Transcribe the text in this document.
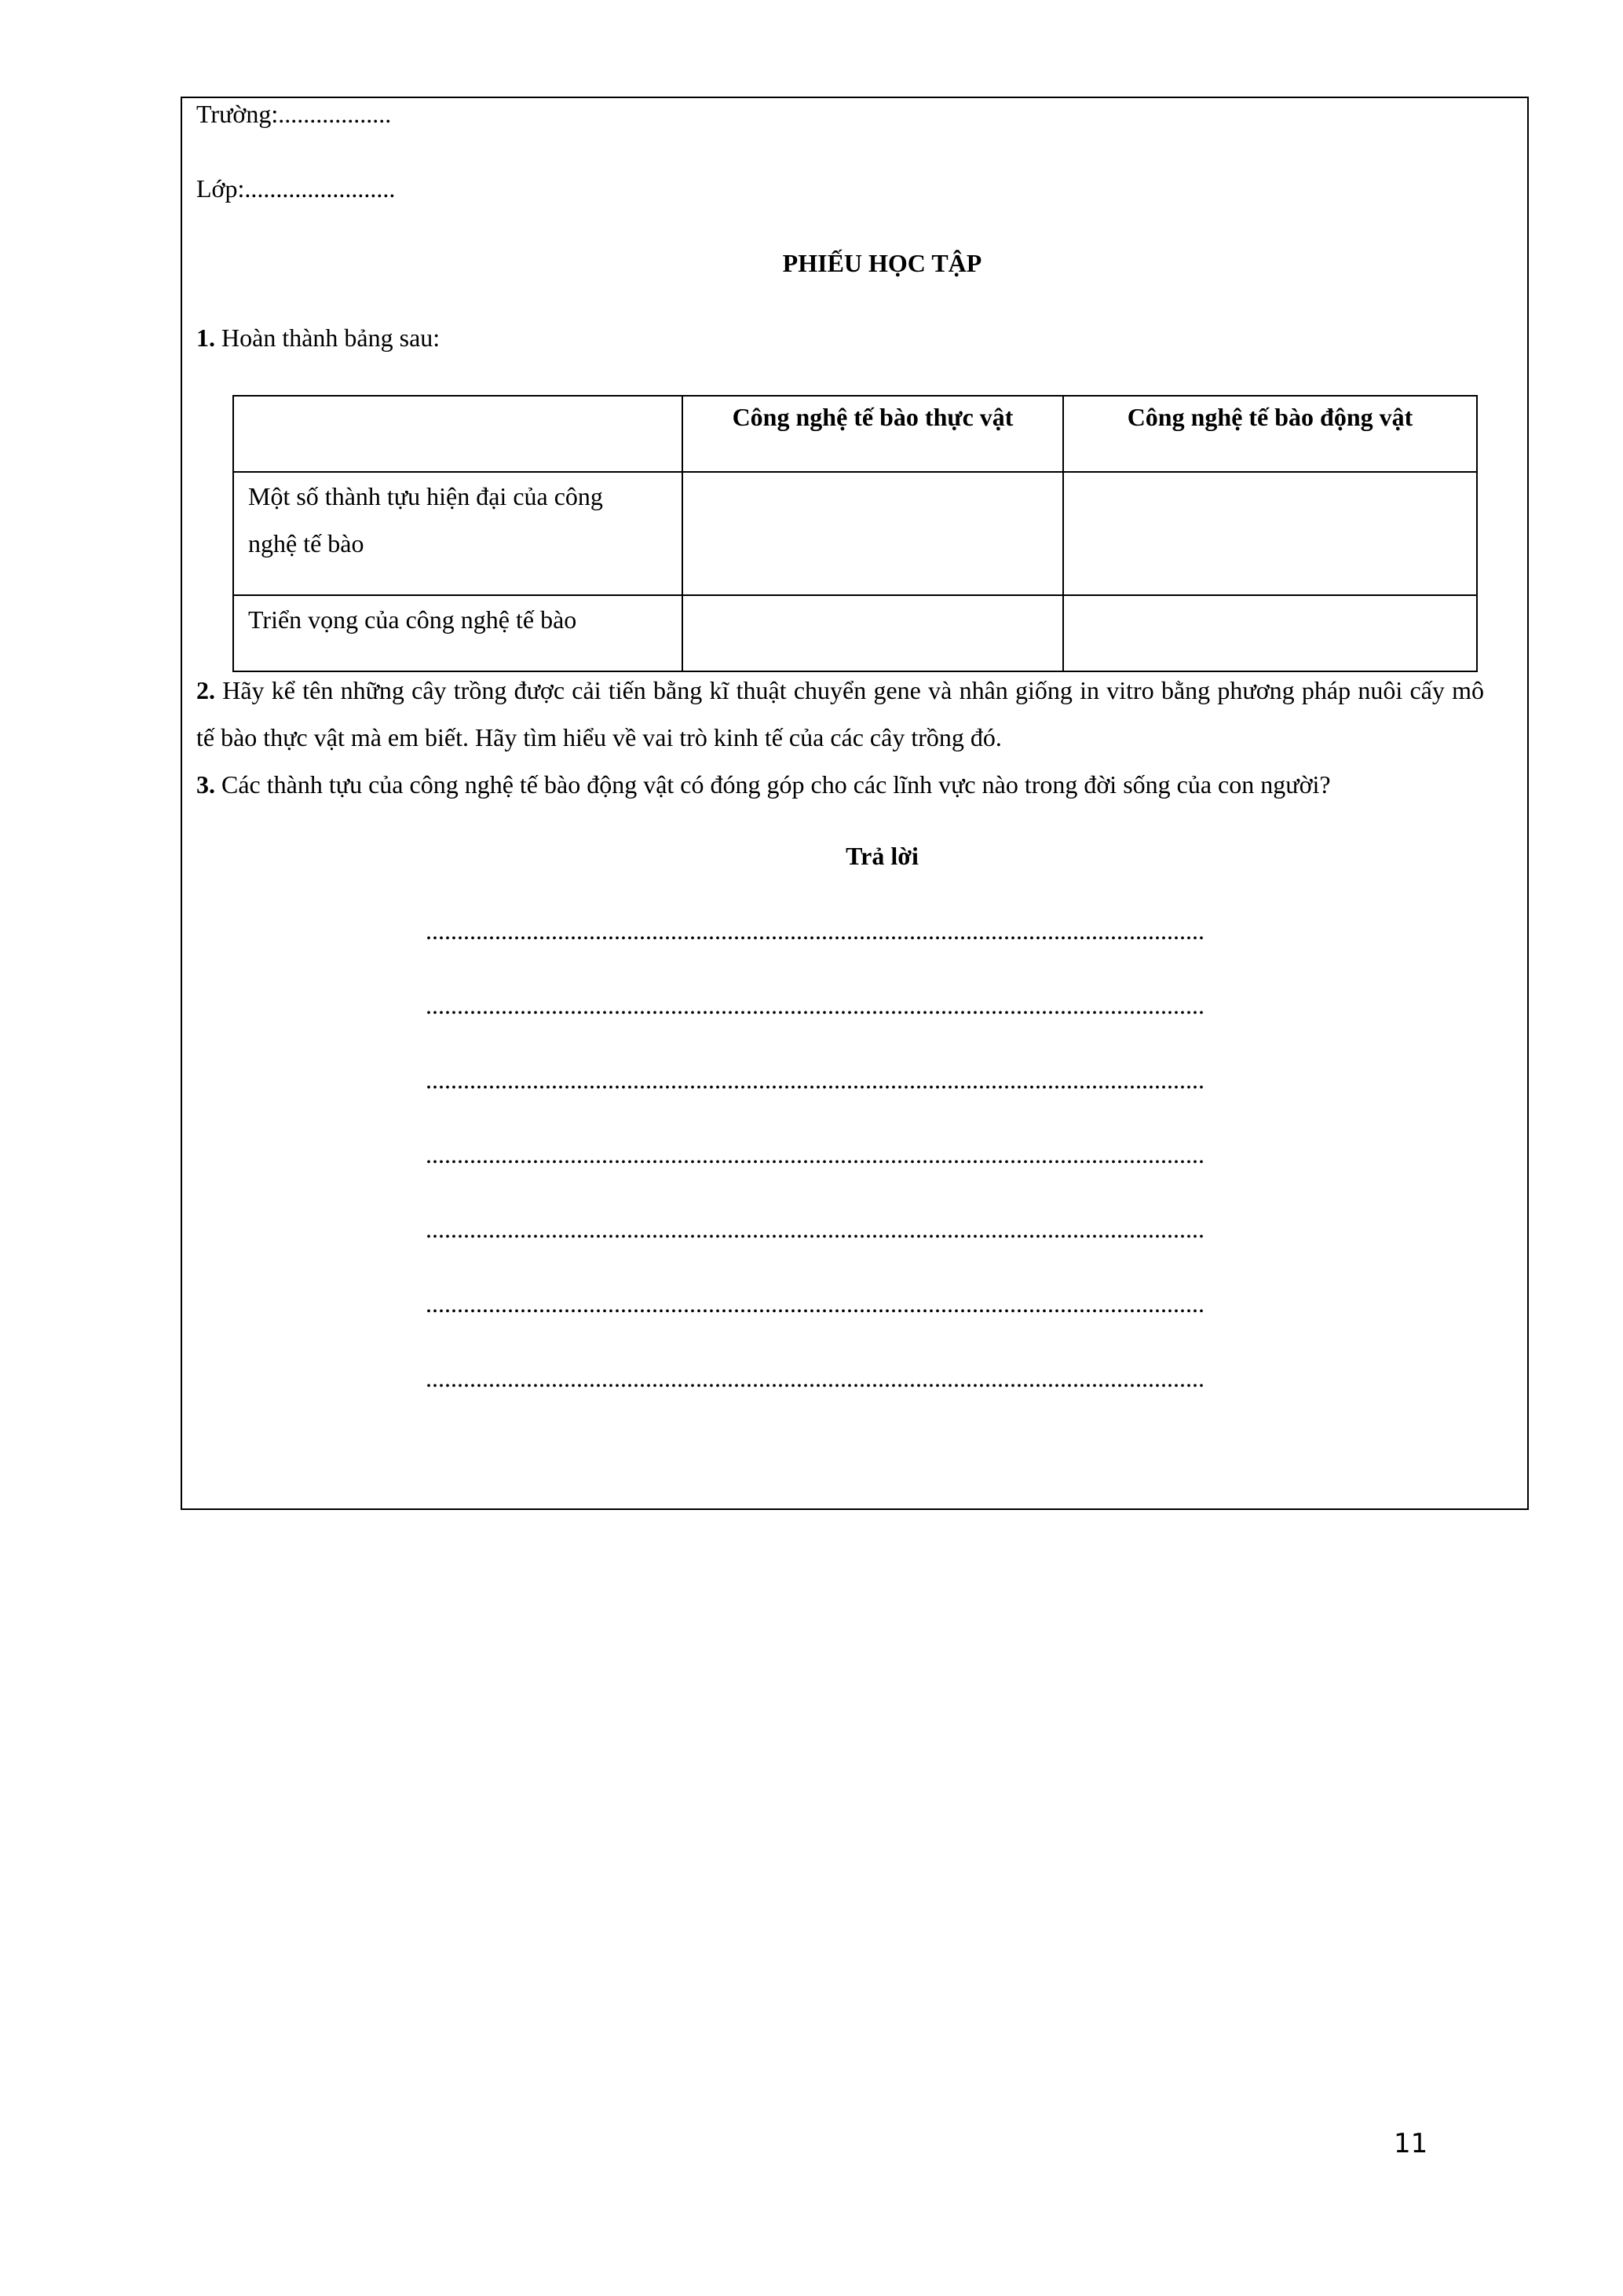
Trường:..................
Lớp:........................
PHIẾU HỌC TẬP
1. Hoàn thành bảng sau:
	Công nghệ tế bào thực vật	Công nghệ tế bào động vật

Một số thành tựu hiện đại của công
nghệ tế bào		

Triển vọng của công nghệ tế bào		

2. Hãy kể tên những cây trồng được cải tiến bằng kĩ thuật chuyển gene và nhân giống in vitro bằng phương pháp nuôi cấy mô tế bào thực vật mà em biết. Hãy tìm hiểu về vai trò kinh tế của các cây trồng đó.
3. Các thành tựu của công nghệ tế bào động vật có đóng góp cho các lĩnh vực nào trong đời sống của con người?
Trả lời
............................................................................................................................
............................................................................................................................
............................................................................................................................
............................................................................................................................
............................................................................................................................
............................................................................................................................
............................................................................................................................
11
